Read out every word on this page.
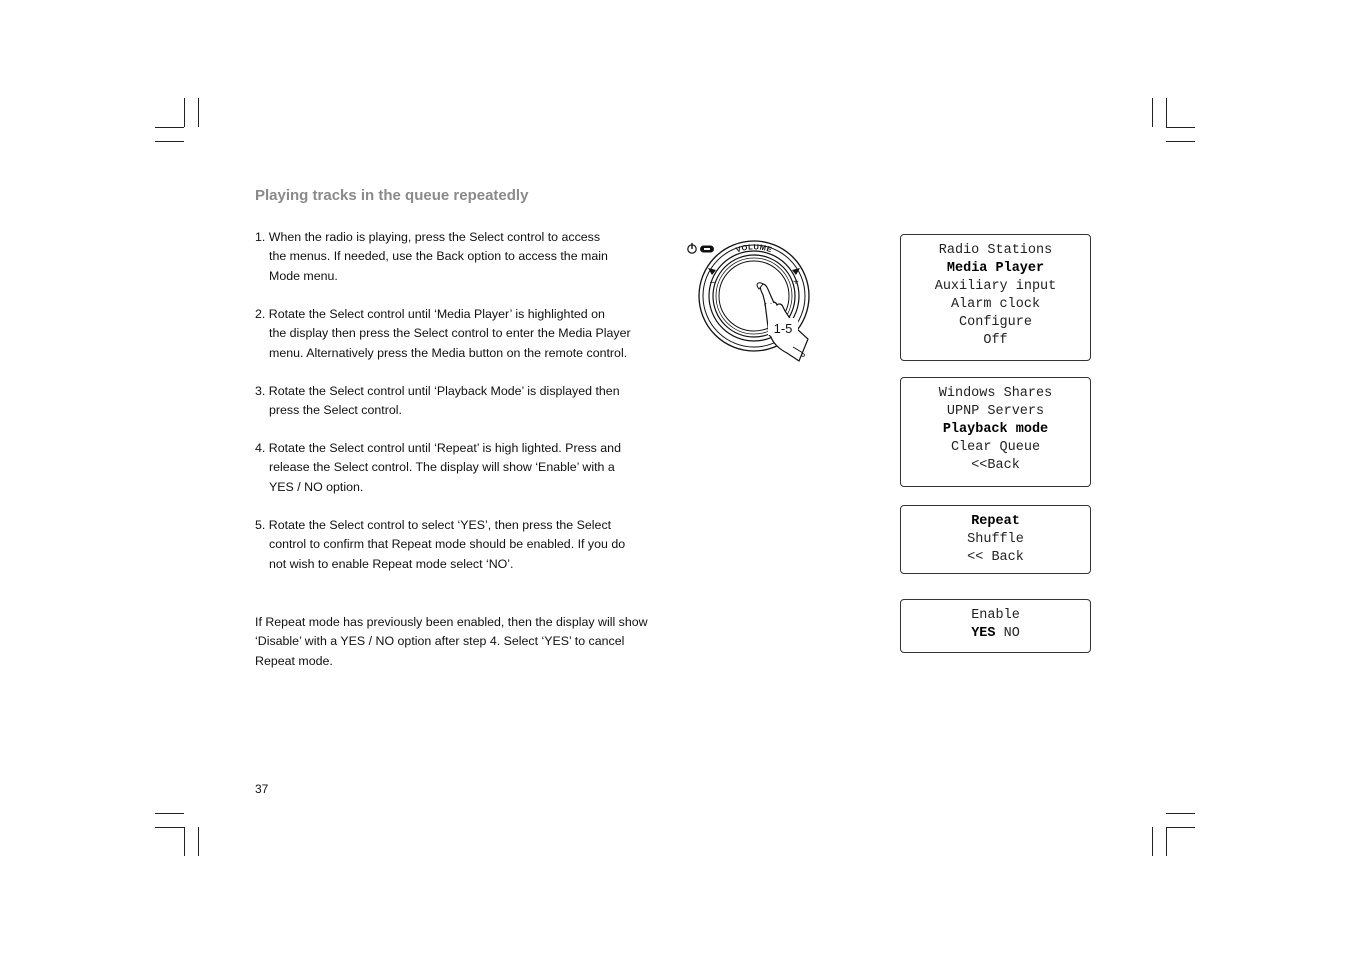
Playing tracks in the queue repeatedly
1. When the radio is playing, press the Select control to access
the menus. If needed, use the Back option to access the main
Mode menu.
2. Rotate the Select control until ‘Media Player’ is highlighted on
the display then press the Select control to enter the Media Player
menu. Alternatively press the Media button on the remote control.
3. Rotate the Select control until ‘Playback Mode’ is displayed then
press the Select control.
4. Rotate the Select control until ‘Repeat’ is high lighted. Press and
release the Select control. The display will show ‘Enable’ with a
YES / NO option.
5. Rotate the Select control to select ‘YES’, then press the Select
control to confirm that Repeat mode should be enabled. If you do
not wish to enable Repeat mode select ‘NO’.
If Repeat mode has previously been enabled, then the display will show
‘Disable’ with a YES / NO option after step 4. Select ‘YES’ to cancel
Repeat mode.
37
VOLUME
–	+
1-5
Radio Stations
Media Player
Auxiliary input
Alarm clock
Configure
Off
Windows Shares
UPNP Servers
Playback mode
Clear Queue
<<Back
Repeat
Shuffle
<< Back
Enable
YES NO
